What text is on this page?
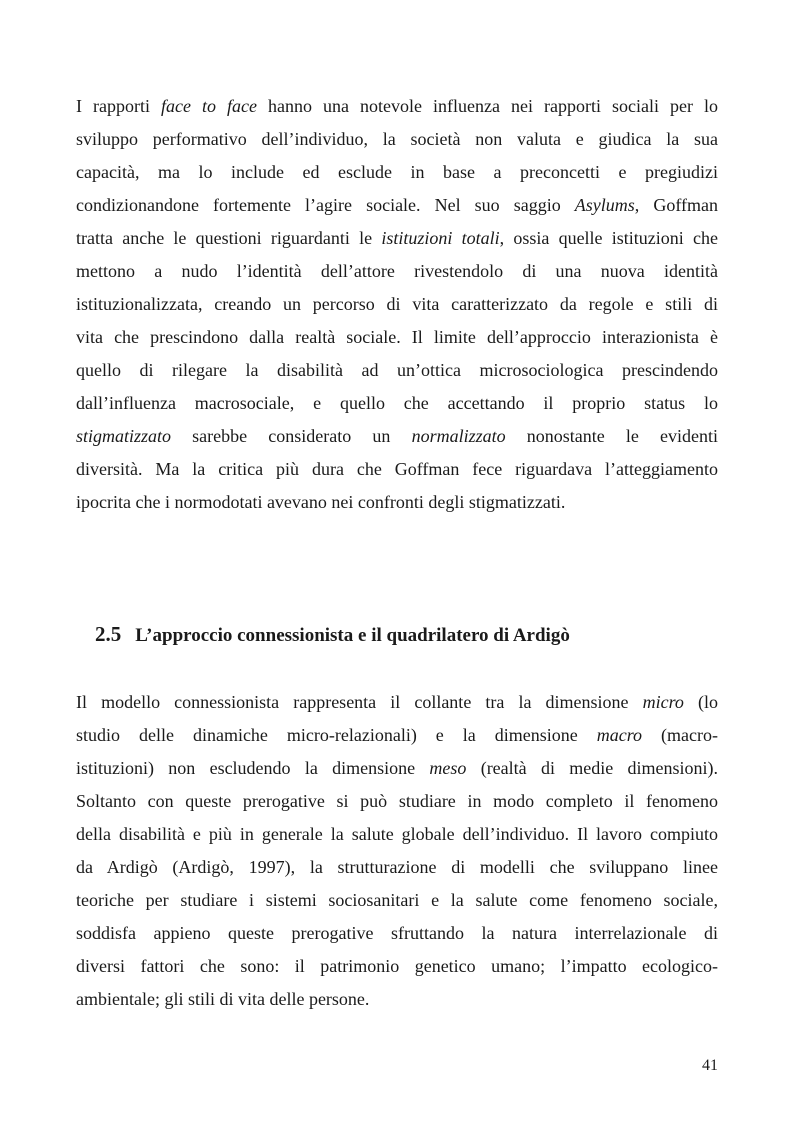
I rapporti face to face hanno una notevole influenza nei rapporti sociali per lo
sviluppo performativo dell’individuo, la società non valuta e giudica la sua
capacità, ma lo include ed esclude in base a preconcetti e pregiudizi
condizionandone fortemente l’agire sociale. Nel suo saggio Asylums, Goffman
tratta anche le questioni riguardanti le istituzioni totali, ossia quelle istituzioni che
mettono a nudo l’identità dell’attore rivestendolo di una nuova identità
istituzionalizzata, creando un percorso di vita caratterizzato da regole e stili di
vita che prescindono dalla realtà sociale. Il limite dell’approccio interazionista è
quello di rilegare la disabilità ad un’ottica microsociologica prescindendo
dall’influenza macrosociale, e quello che accettando il proprio status lo
stigmatizzato sarebbe considerato un normalizzato nonostante le evidenti
diversità. Ma la critica più dura che Goffman fece riguardava l’atteggiamento
ipocrita che i normodotati avevano nei confronti degli stigmatizzati.
2.5 L’approccio connessionista e il quadrilatero di Ardigò
Il modello connessionista rappresenta il collante tra la dimensione micro (lo
studio delle dinamiche micro-relazionali) e la dimensione macro (macro-
istituzioni) non escludendo la dimensione meso (realtà di medie dimensioni).
Soltanto con queste prerogative si può studiare in modo completo il fenomeno
della disabilità e più in generale la salute globale dell’individuo. Il lavoro compiuto
da Ardigò (Ardigò, 1997), la strutturazione di modelli che sviluppano linee
teoriche per studiare i sistemi sociosanitari e la salute come fenomeno sociale,
soddisfa appieno queste prerogative sfruttando la natura interrelazionale di
diversi fattori che sono: il patrimonio genetico umano; l’impatto ecologico-
ambientale; gli stili di vita delle persone.
41
